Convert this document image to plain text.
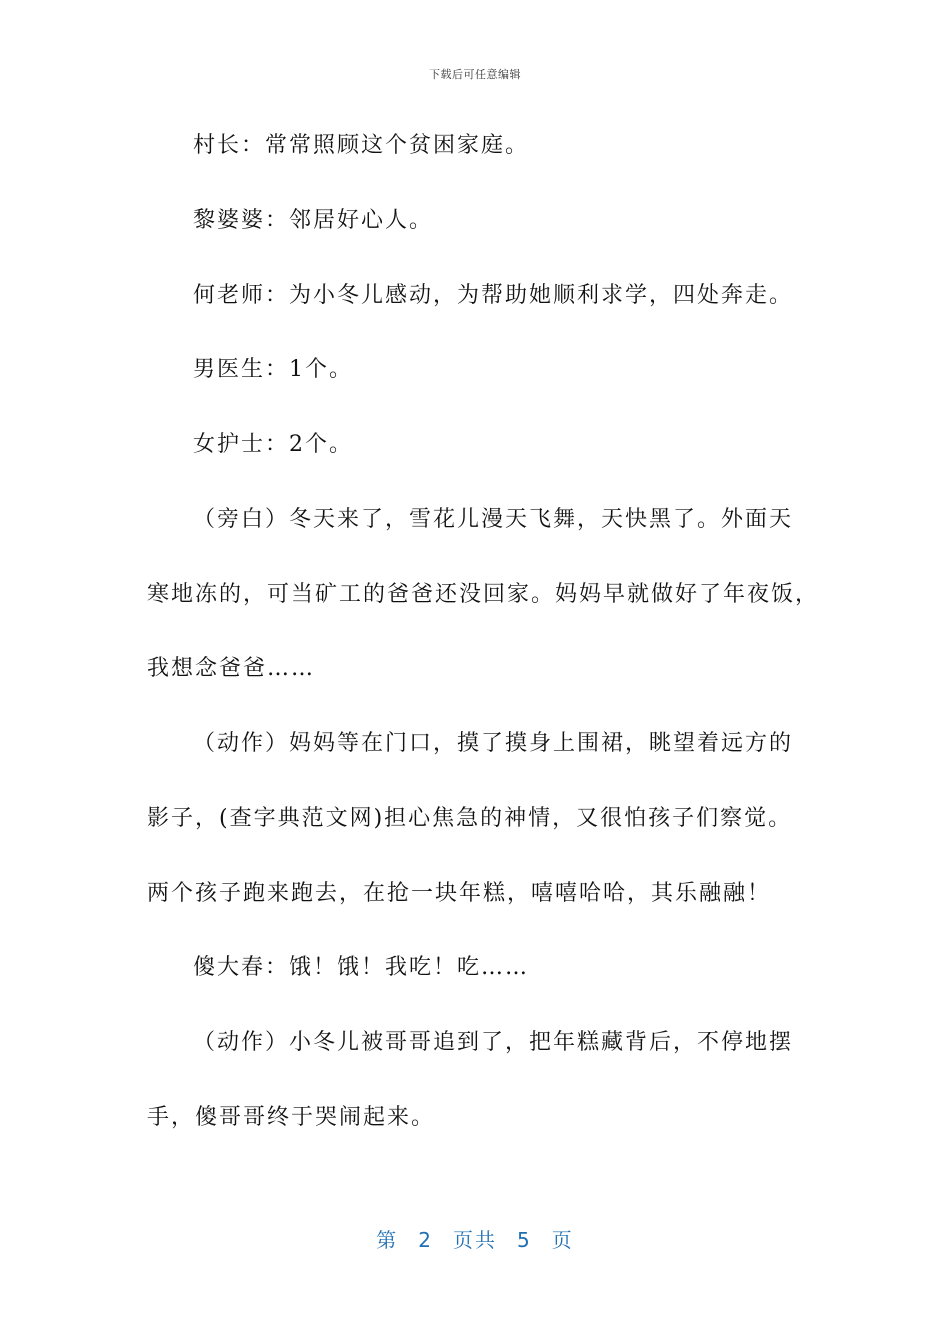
下载后可任意编辑
村长：常常照顾这个贫困家庭。
黎婆婆：邻居好心人。
何老师：为小冬儿感动，为帮助她顺利求学，四处奔走。
男医生：1个。
女护士：2个。
（旁白）冬天来了，雪花儿漫天飞舞，天快黑了。外面天
寒地冻的，可当矿工的爸爸还没回家。妈妈早就做好了年夜饭，
我想念爸爸……
（动作）妈妈等在门口，摸了摸身上围裙，眺望着远方的
影子，(查字典范文网)担心焦急的神情，又很怕孩子们察觉。
两个孩子跑来跑去，在抢一块年糕，嘻嘻哈哈，其乐融融！
傻大春：饿！饿！我吃！吃……
（动作）小冬儿被哥哥追到了，把年糕藏背后，不停地摆
手，傻哥哥终于哭闹起来。
第 2 页共 5 页
